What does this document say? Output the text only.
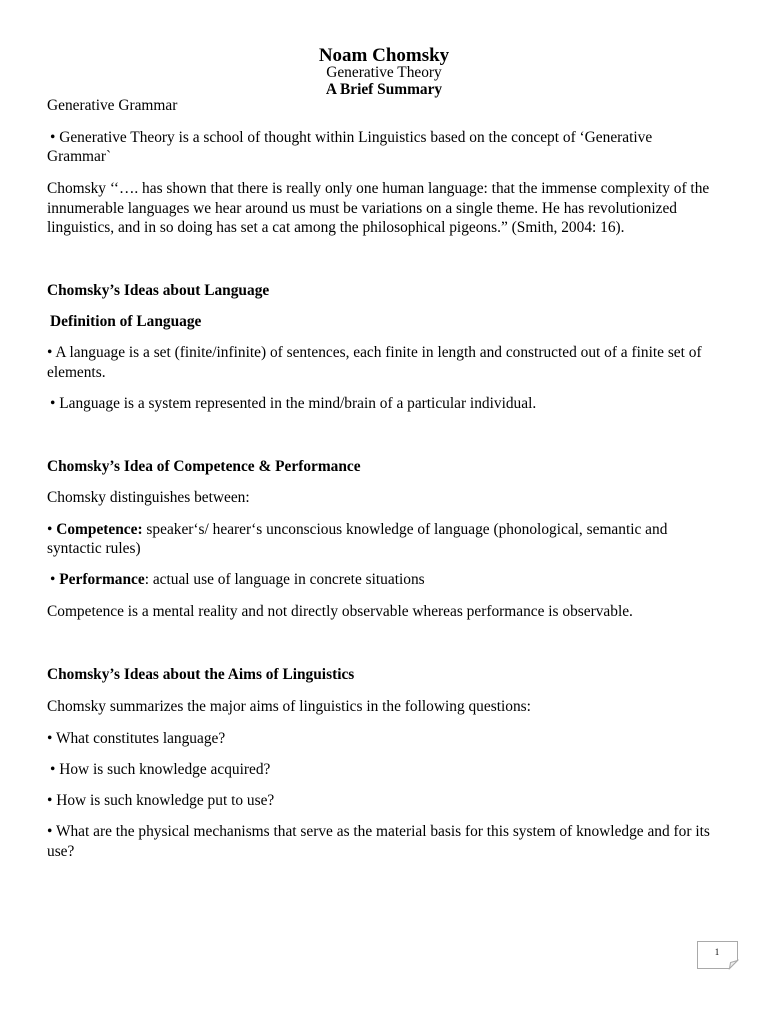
Noam Chomsky
Generative Theory
A Brief Summary
Generative Grammar
• Generative Theory is a school of thought within Linguistics based on the concept of ‘Generative
Grammar`
Chomsky ‘‘…. has shown that there is really only one human language: that the immense complexity of the
innumerable languages we hear around us must be variations on a single theme. He has revolutionized
linguistics, and in so doing has set a cat among the philosophical pigeons.” (Smith, 2004: 16).
Chomsky’s Ideas about Language
Definition of Language
• A language is a set (finite/infinite) of sentences, each finite in length and constructed out of a finite set of
elements.
• Language is a system represented in the mind/brain of a particular individual.
Chomsky’s Idea of Competence & Performance
Chomsky distinguishes between:
• Competence: speaker‘s/ hearer‘s unconscious knowledge of language (phonological, semantic and
syntactic rules)
• Performance: actual use of language in concrete situations
Competence is a mental reality and not directly observable whereas performance is observable.
Chomsky’s Ideas about the Aims of Linguistics
Chomsky summarizes the major aims of linguistics in the following questions:
• What constitutes language?
• How is such knowledge acquired?
• How is such knowledge put to use?
• What are the physical mechanisms that serve as the material basis for this system of knowledge and for its
use?
1
